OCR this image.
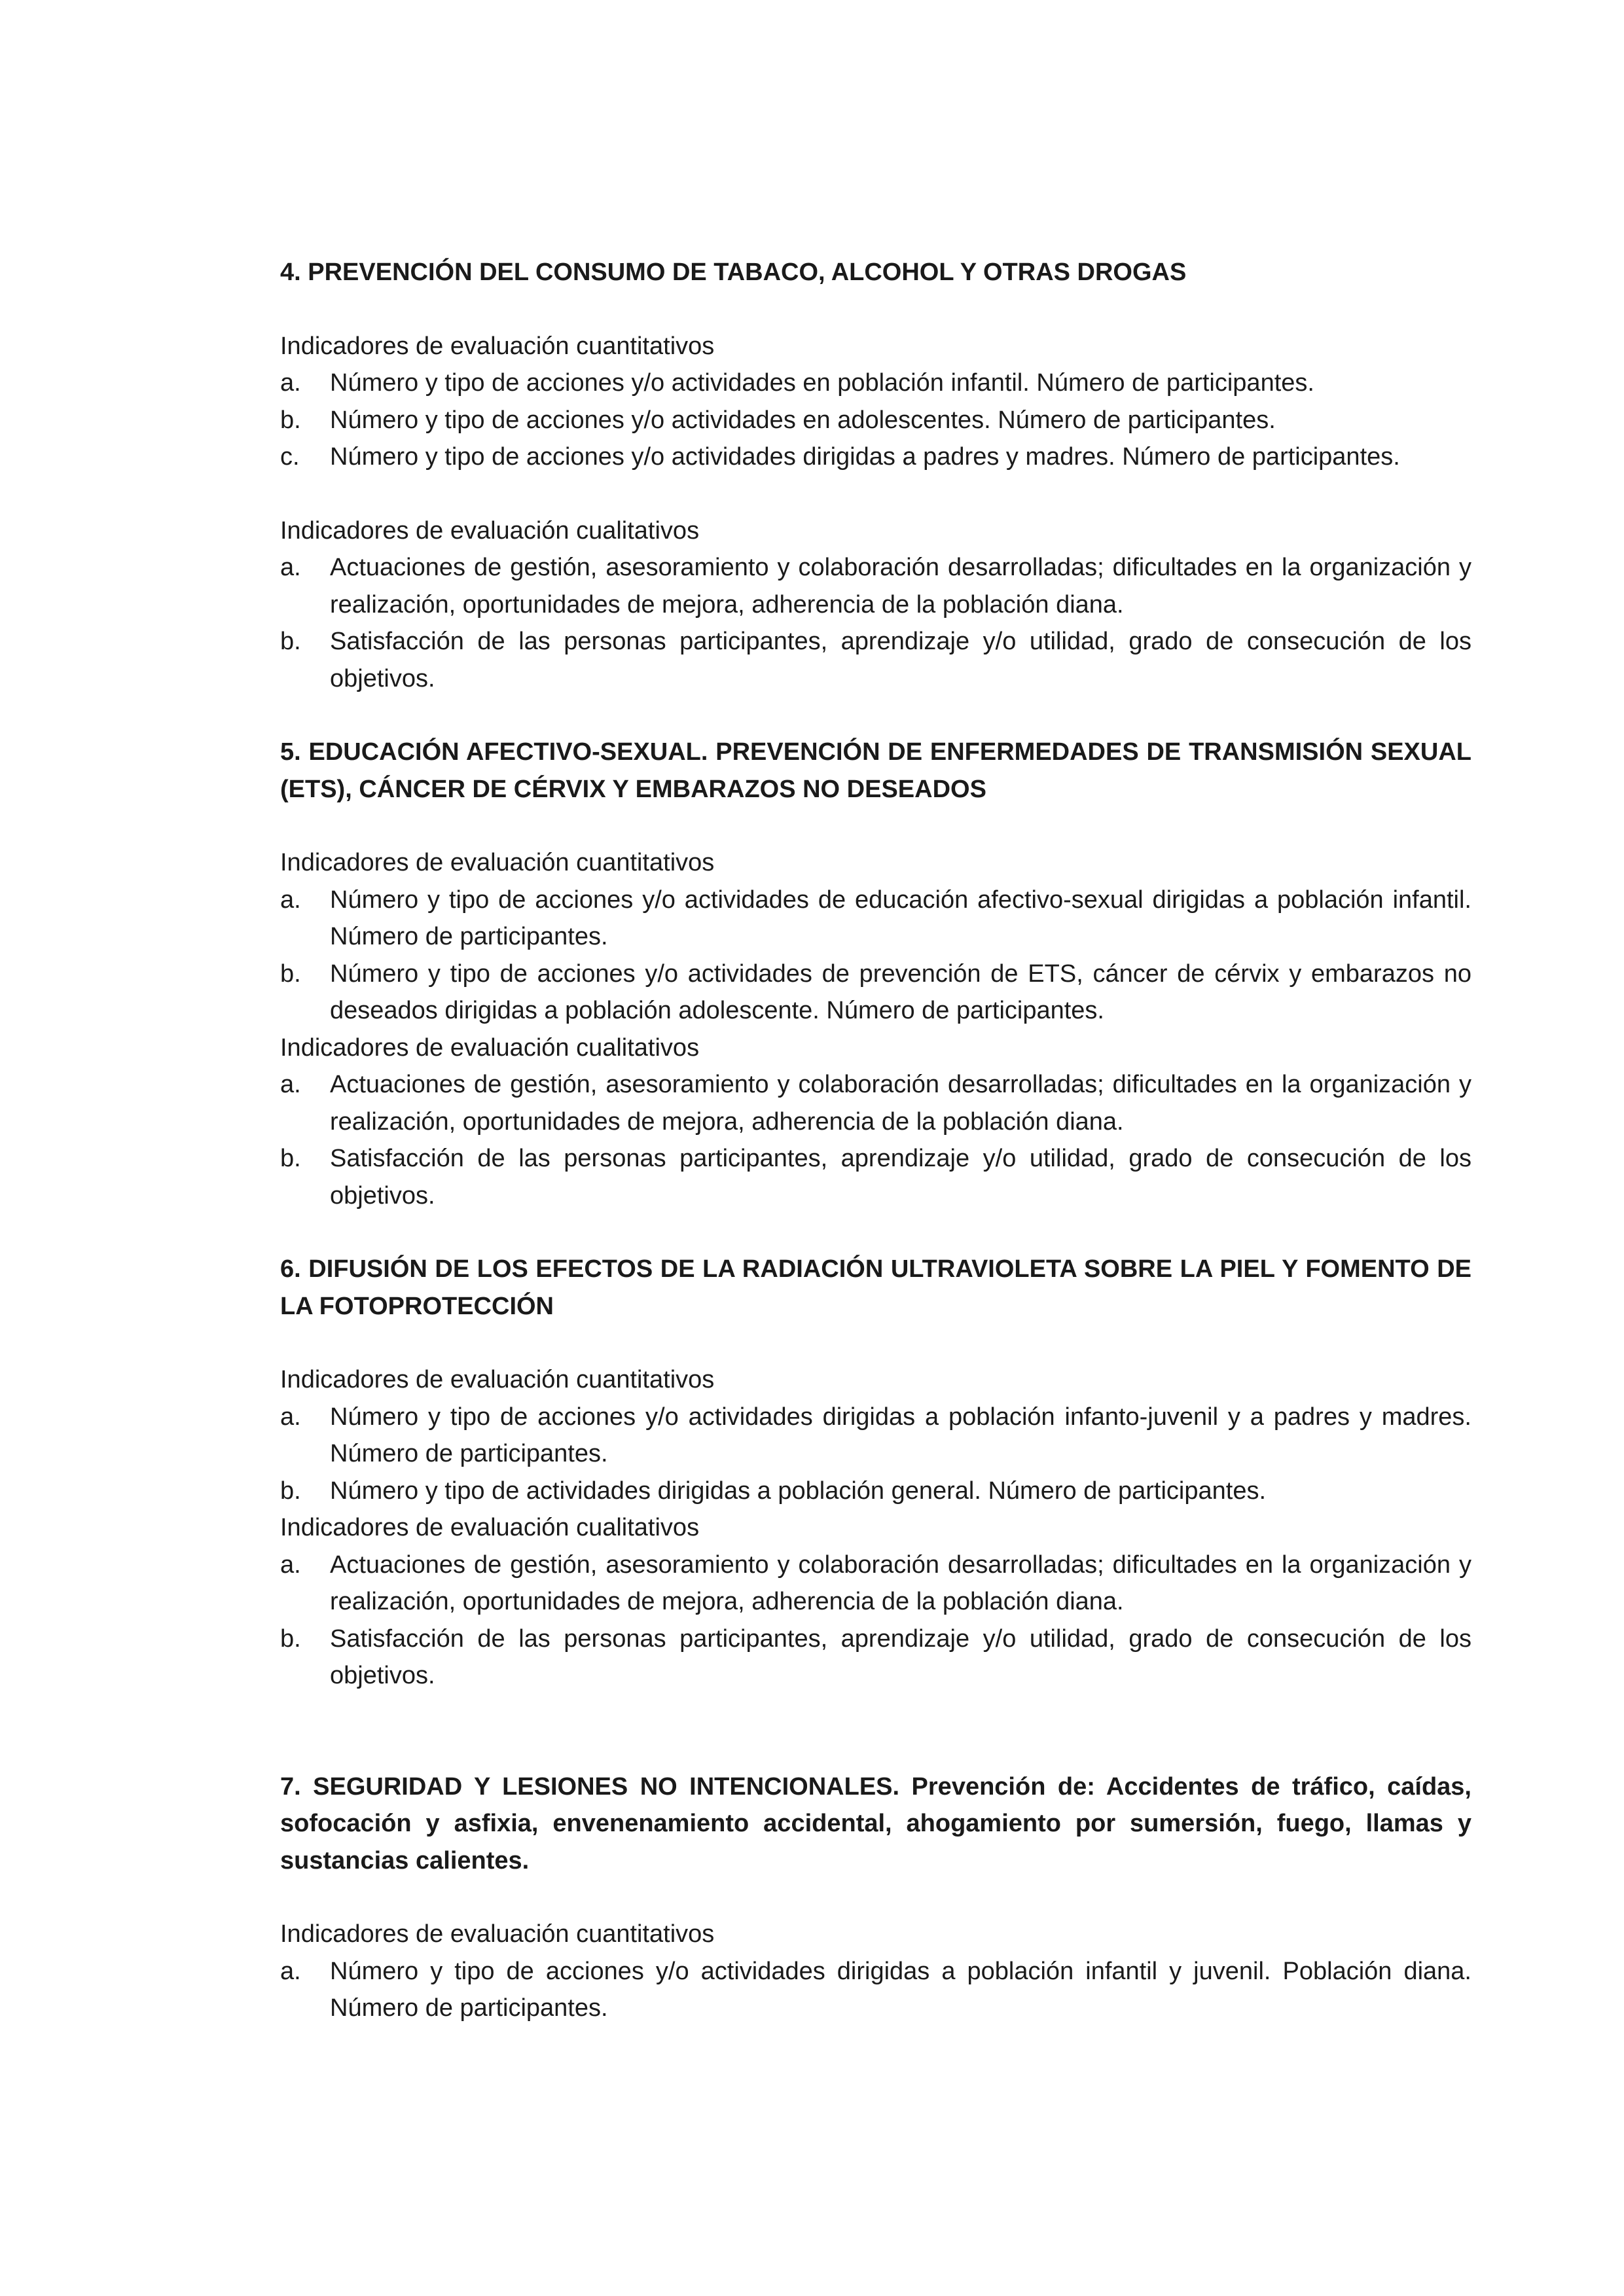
4. PREVENCIÓN DEL CONSUMO DE TABACO, ALCOHOL Y OTRAS DROGAS

Indicadores de evaluación cuantitativos

a.	Número y tipo de acciones y/o actividades en población infantil. Número de participantes.
b.	Número y tipo de acciones y/o actividades en adolescentes. Número de participantes.
c.	Número y tipo de acciones y/o actividades dirigidas a padres y madres. Número de participantes.

Indicadores de evaluación cualitativos

a.	Actuaciones de gestión, asesoramiento y colaboración desarrolladas; dificultades en la organización y realización, oportunidades de mejora, adherencia de la población diana.
b.	Satisfacción de las personas participantes, aprendizaje y/o utilidad, grado de consecución de los objetivos.

5. EDUCACIÓN AFECTIVO-SEXUAL. PREVENCIÓN DE ENFERMEDADES DE TRANSMISIÓN SEXUAL (ETS), CÁNCER DE CÉRVIX Y EMBARAZOS NO DESEADOS

Indicadores de evaluación cuantitativos

a.	Número y tipo de acciones y/o actividades de educación afectivo-sexual dirigidas a población infantil. Número de participantes.
b.	Número y tipo de acciones y/o actividades de prevención de ETS, cáncer de cérvix y embarazos no deseados dirigidas a población adolescente. Número de participantes.

Indicadores de evaluación cualitativos

a.	Actuaciones de gestión, asesoramiento y colaboración desarrolladas; dificultades en la organización y realización, oportunidades de mejora, adherencia de la población diana.
b.	Satisfacción de las personas participantes, aprendizaje y/o utilidad, grado de consecución de los objetivos.

6. DIFUSIÓN DE LOS EFECTOS DE LA RADIACIÓN ULTRAVIOLETA SOBRE LA PIEL Y FOMENTO DE LA FOTOPROTECCIÓN

Indicadores de evaluación cuantitativos

a.	Número y tipo de acciones y/o actividades dirigidas a población infanto-juvenil y a padres y madres. Número de participantes.
b.	Número y tipo de actividades dirigidas a población general. Número de participantes.

Indicadores de evaluación cualitativos

a.	Actuaciones de gestión, asesoramiento y colaboración desarrolladas; dificultades en la organización y realización, oportunidades de mejora, adherencia de la población diana.
b.	Satisfacción de las personas participantes, aprendizaje y/o utilidad, grado de consecución de los objetivos.

7. SEGURIDAD Y LESIONES NO INTENCIONALES. Prevención de: Accidentes de tráfico, caídas, sofocación y asfixia, envenenamiento accidental, ahogamiento por sumersión, fuego, llamas y sustancias calientes.

Indicadores de evaluación cuantitativos

a.	Número y tipo de acciones y/o actividades dirigidas a población infantil y juvenil. Población diana. Número de participantes.
